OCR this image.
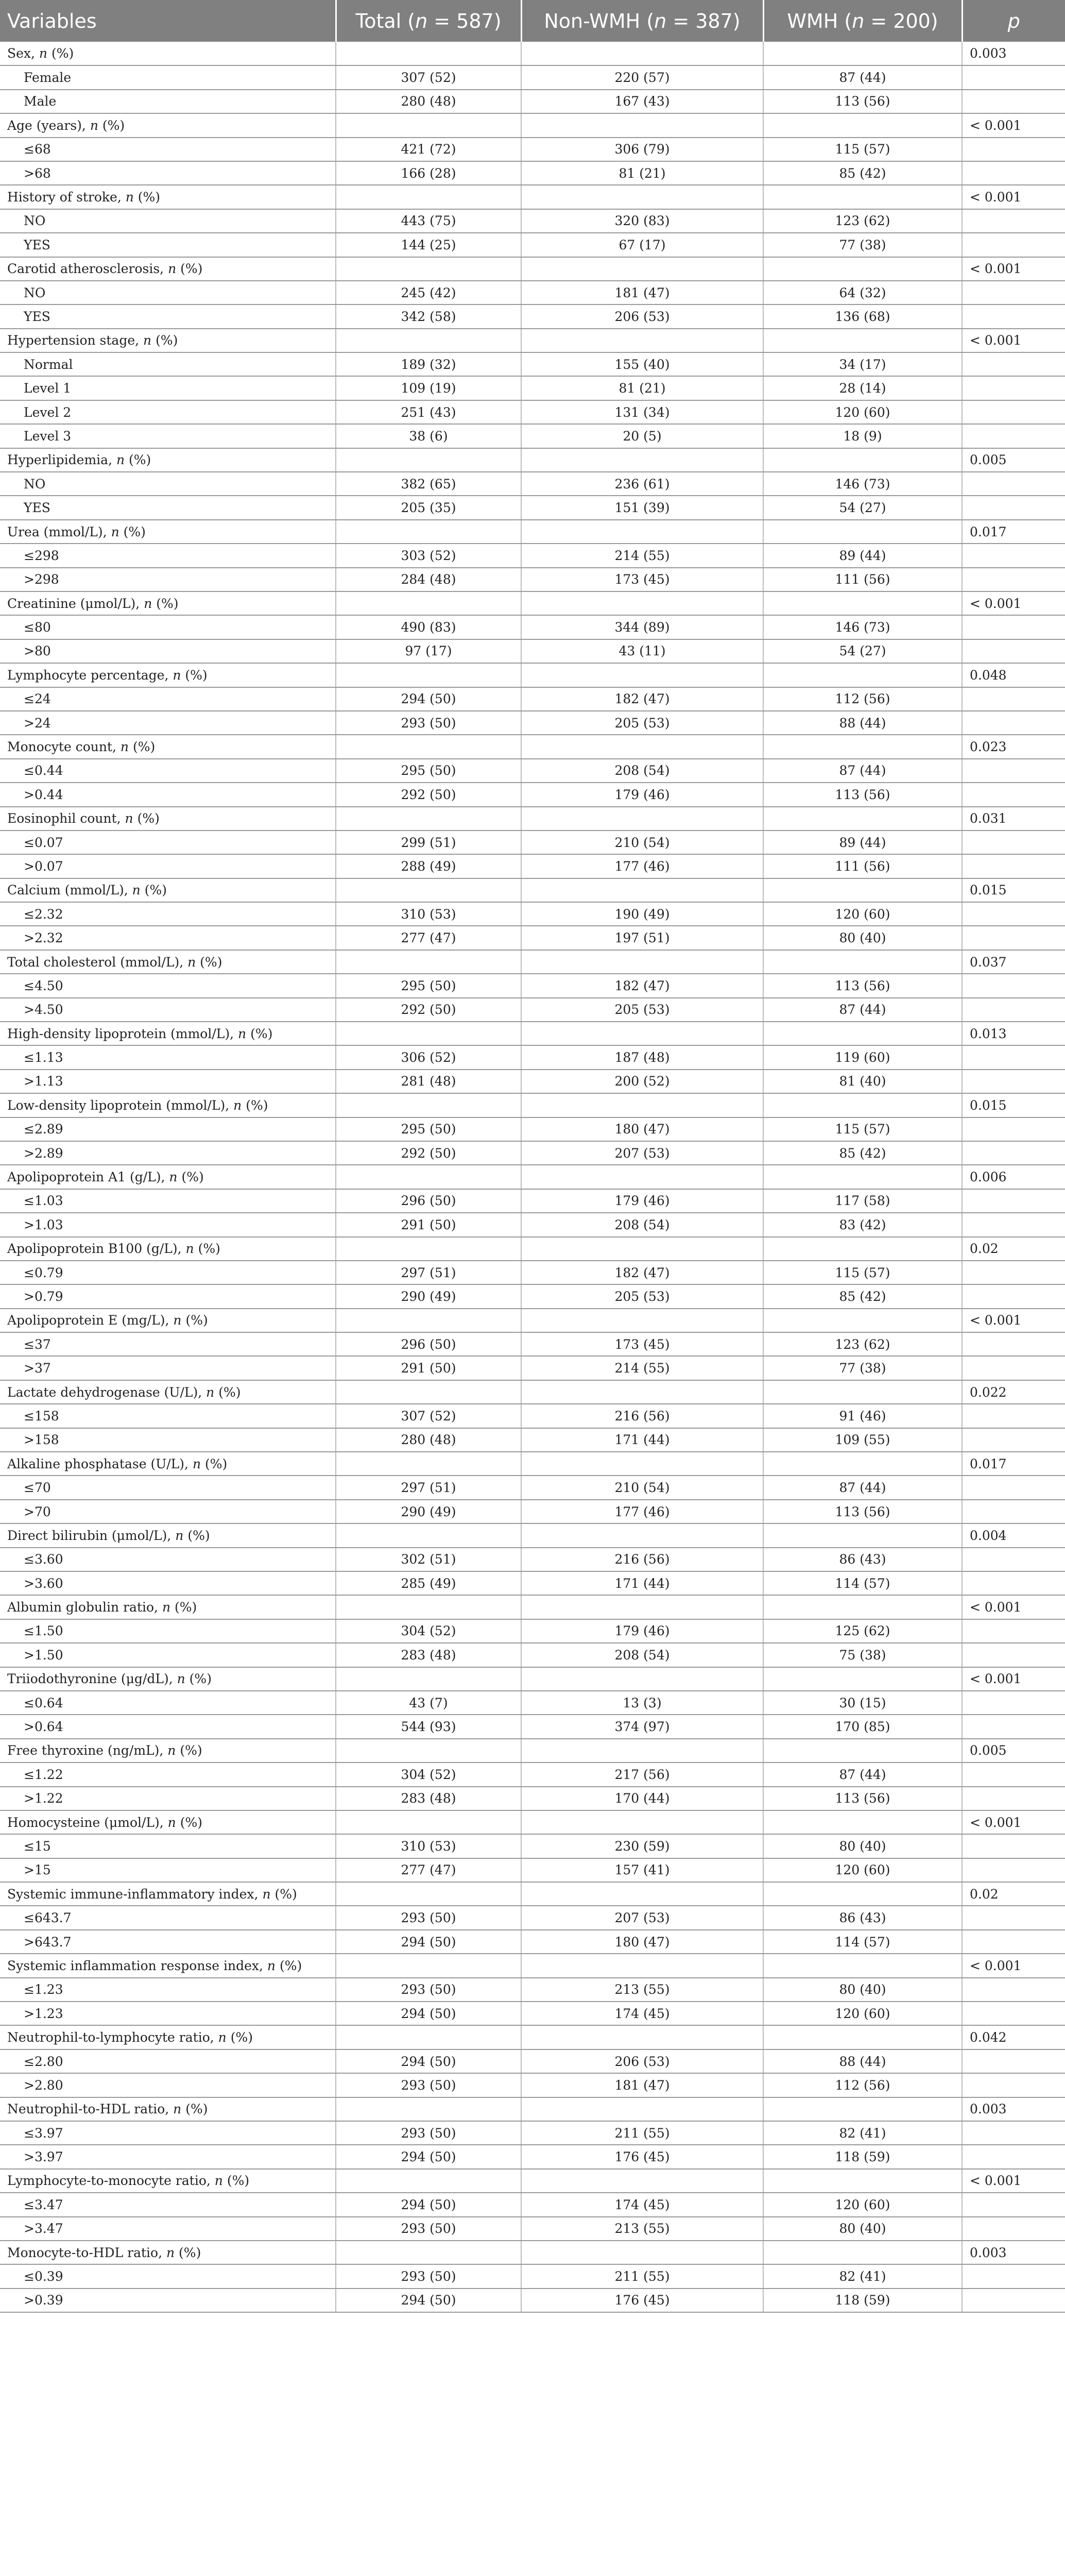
Variables	Total (n = 587)	Non-WMH (n = 387)	WMH (n = 200)	p
Sex, n (%)				0.003
Female	307 (52)	220 (57)	87 (44)	
Male	280 (48)	167 (43)	113 (56)	
Age (years), n (%)				< 0.001
≤68	421 (72)	306 (79)	115 (57)	
>68	166 (28)	81 (21)	85 (42)	
History of stroke, n (%)				< 0.001
NO	443 (75)	320 (83)	123 (62)	
YES	144 (25)	67 (17)	77 (38)	
Carotid atherosclerosis, n (%)				< 0.001
NO	245 (42)	181 (47)	64 (32)	
YES	342 (58)	206 (53)	136 (68)	
Hypertension stage, n (%)				< 0.001
Normal	189 (32)	155 (40)	34 (17)	
Level 1	109 (19)	81 (21)	28 (14)	
Level 2	251 (43)	131 (34)	120 (60)	
Level 3	38 (6)	20 (5)	18 (9)	
Hyperlipidemia, n (%)				0.005
NO	382 (65)	236 (61)	146 (73)	
YES	205 (35)	151 (39)	54 (27)	
Urea (mmol/L), n (%)				0.017
≤298	303 (52)	214 (55)	89 (44)	
>298	284 (48)	173 (45)	111 (56)	
Creatinine (μmol/L), n (%)				< 0.001
≤80	490 (83)	344 (89)	146 (73)	
>80	97 (17)	43 (11)	54 (27)	
Lymphocyte percentage, n (%)				0.048
≤24	294 (50)	182 (47)	112 (56)	
>24	293 (50)	205 (53)	88 (44)	
Monocyte count, n (%)				0.023
≤0.44	295 (50)	208 (54)	87 (44)	
>0.44	292 (50)	179 (46)	113 (56)	
Eosinophil count, n (%)				0.031
≤0.07	299 (51)	210 (54)	89 (44)	
>0.07	288 (49)	177 (46)	111 (56)	
Calcium (mmol/L), n (%)				0.015
≤2.32	310 (53)	190 (49)	120 (60)	
>2.32	277 (47)	197 (51)	80 (40)	
Total cholesterol (mmol/L), n (%)				0.037
≤4.50	295 (50)	182 (47)	113 (56)	
>4.50	292 (50)	205 (53)	87 (44)	
High-density lipoprotein (mmol/L), n (%)				0.013
≤1.13	306 (52)	187 (48)	119 (60)	
>1.13	281 (48)	200 (52)	81 (40)	
Low-density lipoprotein (mmol/L), n (%)				0.015
≤2.89	295 (50)	180 (47)	115 (57)	
>2.89	292 (50)	207 (53)	85 (42)	
Apolipoprotein A1 (g/L), n (%)				0.006
≤1.03	296 (50)	179 (46)	117 (58)	
>1.03	291 (50)	208 (54)	83 (42)	
Apolipoprotein B100 (g/L), n (%)				0.02
≤0.79	297 (51)	182 (47)	115 (57)	
>0.79	290 (49)	205 (53)	85 (42)	
Apolipoprotein E (mg/L), n (%)				< 0.001
≤37	296 (50)	173 (45)	123 (62)	
>37	291 (50)	214 (55)	77 (38)	
Lactate dehydrogenase (U/L), n (%)				0.022
≤158	307 (52)	216 (56)	91 (46)	
>158	280 (48)	171 (44)	109 (55)	
Alkaline phosphatase (U/L), n (%)				0.017
≤70	297 (51)	210 (54)	87 (44)	
>70	290 (49)	177 (46)	113 (56)	
Direct bilirubin (μmol/L), n (%)				0.004
≤3.60	302 (51)	216 (56)	86 (43)	
>3.60	285 (49)	171 (44)	114 (57)	
Albumin globulin ratio, n (%)				< 0.001
≤1.50	304 (52)	179 (46)	125 (62)	
>1.50	283 (48)	208 (54)	75 (38)	
Triiodothyronine (μg/dL), n (%)				< 0.001
≤0.64	43 (7)	13 (3)	30 (15)	
>0.64	544 (93)	374 (97)	170 (85)	
Free thyroxine (ng/mL), n (%)				0.005
≤1.22	304 (52)	217 (56)	87 (44)	
>1.22	283 (48)	170 (44)	113 (56)	
Homocysteine (μmol/L), n (%)				< 0.001
≤15	310 (53)	230 (59)	80 (40)	
>15	277 (47)	157 (41)	120 (60)	
Systemic immune-inflammatory index, n (%)				0.02
≤643.7	293 (50)	207 (53)	86 (43)	
>643.7	294 (50)	180 (47)	114 (57)	
Systemic inflammation response index, n (%)				< 0.001
≤1.23	293 (50)	213 (55)	80 (40)	
>1.23	294 (50)	174 (45)	120 (60)	
Neutrophil-to-lymphocyte ratio, n (%)				0.042
≤2.80	294 (50)	206 (53)	88 (44)	
>2.80	293 (50)	181 (47)	112 (56)	
Neutrophil-to-HDL ratio, n (%)				0.003
≤3.97	293 (50)	211 (55)	82 (41)	
>3.97	294 (50)	176 (45)	118 (59)	
Lymphocyte-to-monocyte ratio, n (%)				< 0.001
≤3.47	294 (50)	174 (45)	120 (60)	
>3.47	293 (50)	213 (55)	80 (40)	
Monocyte-to-HDL ratio, n (%)				0.003
≤0.39	293 (50)	211 (55)	82 (41)	
>0.39	294 (50)	176 (45)	118 (59)	
